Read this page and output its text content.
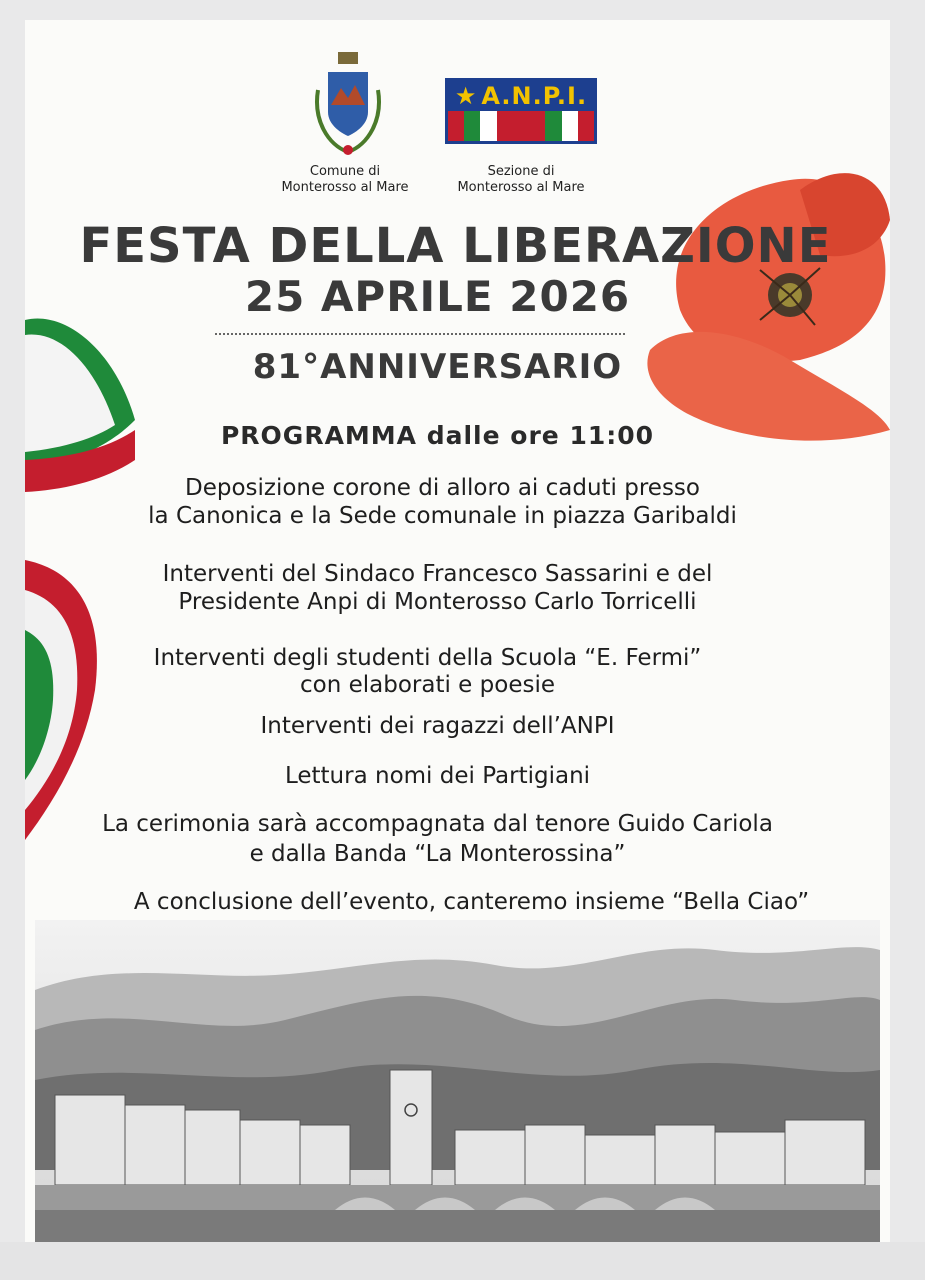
Comune di
Monterosso al Mare
★ A.N.P.I.
Sezione di
Monterosso al Mare
FESTA DELLA LIBERAZIONE
25 APRILE 2026
81°ANNIVERSARIO
PROGRAMMA dalle ore 11:00
Deposizione corone di alloro ai caduti presso
la Canonica e la Sede comunale in piazza Garibaldi
Interventi del Sindaco Francesco Sassarini e del
Presidente Anpi di Monterosso Carlo Torricelli
Interventi degli studenti della Scuola “E. Fermi”
con elaborati e poesie
Interventi dei ragazzi dell’ANPI
Lettura nomi dei Partigiani
La cerimonia sarà accompagnata dal tenore Guido Cariola
e dalla Banda “La Monterossina”
A conclusione dell’evento, canteremo insieme “Bella Ciao”
